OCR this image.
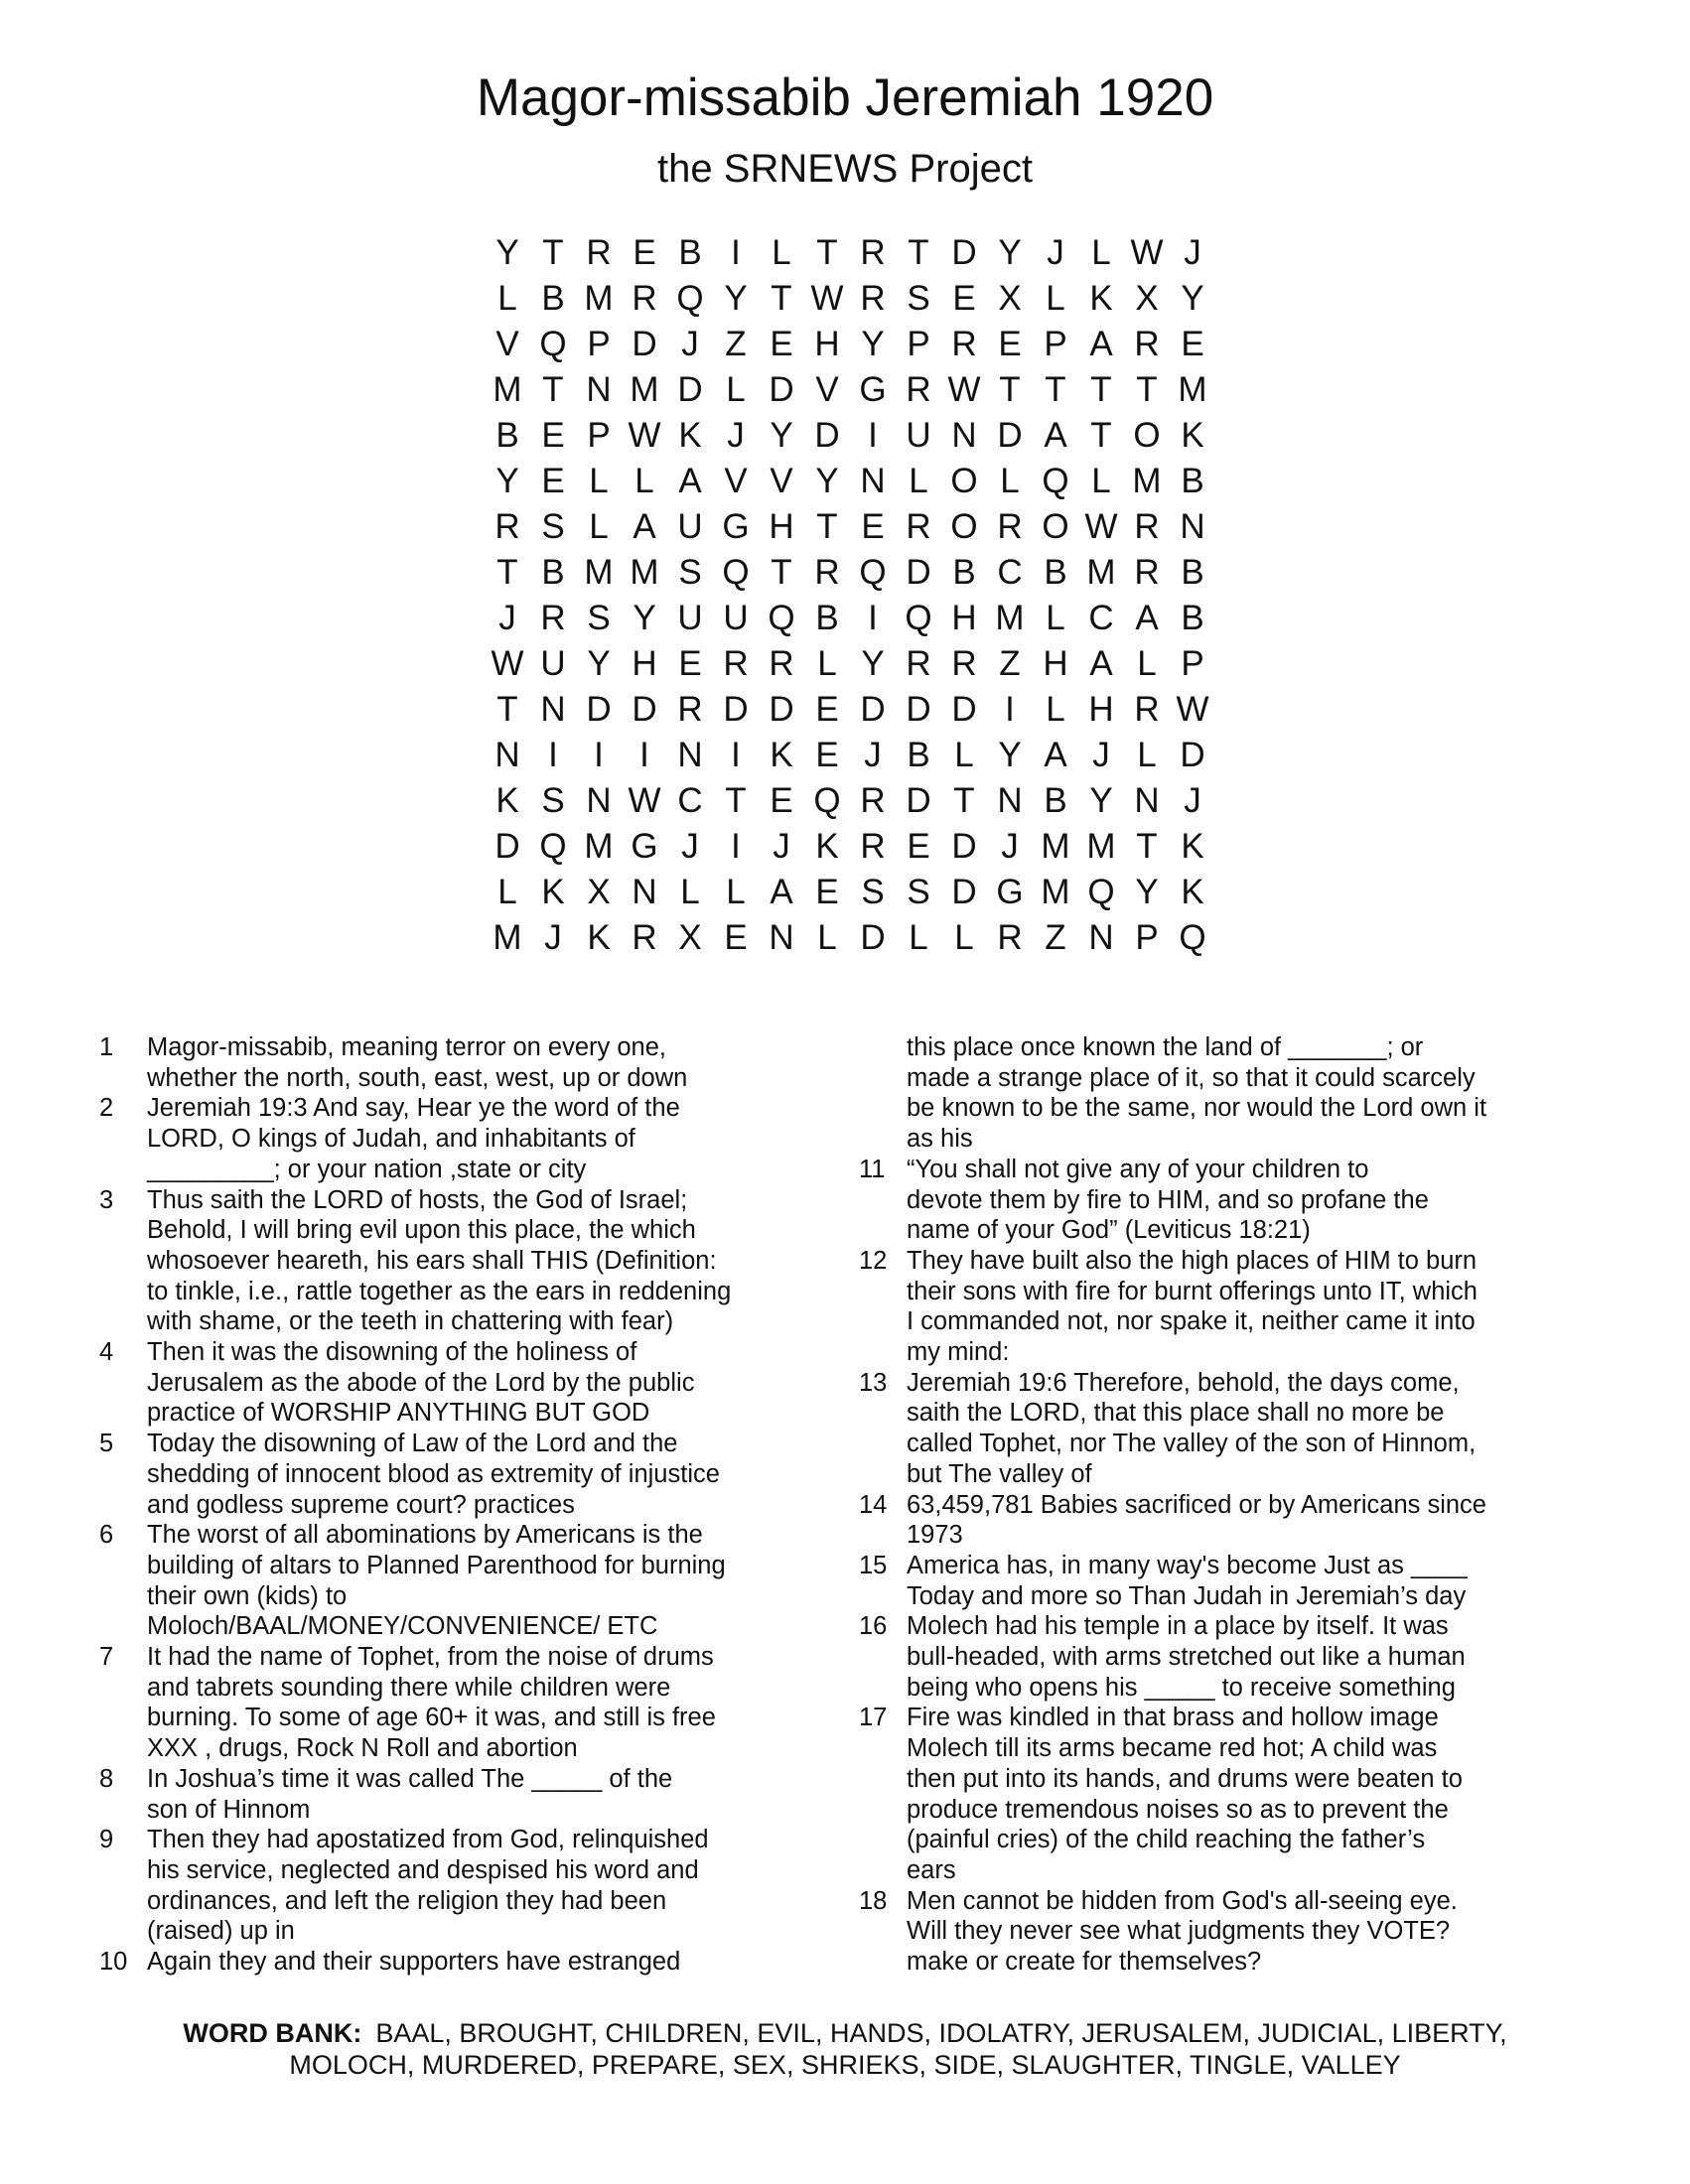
Magor-missabib Jeremiah 1920
the SRNEWS Project
Y T R E B I L T R T D Y J L W J
L B M R Q Y T W R S E X L K X Y
V Q P D J Z E H Y P R E P A R E
M T N M D L D V G R W T T T T M
B E P W K J Y D I U N D A T O K
Y E L L A V V Y N L O L Q L M B
R S L A U G H T E R O R O W R N
T B M M S Q T R Q D B C B M R B
J R S Y U U Q B I Q H M L C A B
W U Y H E R R L Y R R Z H A L P
T N D D R D D E D D D I L H R W
N I	I	I N I K E J B L Y A J L D
K S N W C T E Q R D T N B Y N J
D Q M G J I J K R E D J M M T K
L K X N L L A E S S D G M Q Y K
M J K R X E N L D L L R Z N P Q
1	Magor-missabib, meaning terror on every one,
whether the north, south, east, west, up or down
2	Jeremiah 19:3 And say, Hear ye the word of the
LORD, O kings of Judah, and inhabitants of
_________; or your nation ,state or city
3	Thus saith the LORD of hosts, the God of Israel;
Behold, I will bring evil upon this place, the which
whosoever heareth, his ears shall THIS (Definition:
to tinkle, i.e., rattle together as the ears in reddening
with shame, or the teeth in chattering with fear)
4	Then it was the disowning of the holiness of
Jerusalem as the abode of the Lord by the public
practice of WORSHIP ANYTHING BUT GOD
5	Today the disowning of Law of the Lord and the
shedding of innocent blood as extremity of injustice
and godless supreme court? practices
6	The worst of all abominations by Americans is the
building of altars to Planned Parenthood for burning
their own (kids) to
Moloch/BAAL/MONEY/CONVENIENCE/ ETC
7	It had the name of Tophet, from the noise of drums
and tabrets sounding there while children were
burning. To some of age 60+ it was, and still is free
XXX , drugs, Rock N Roll and abortion
8	In Joshua’s time it was called The _____ of the
son of Hinnom
9	Then they had apostatized from God, relinquished
his service, neglected and despised his word and
ordinances, and left the religion they had been
(raised) up in
10 Again they and their supporters have estranged
this place once known the land of _______; or
made a strange place of it, so that it could scarcely
be known to be the same, nor would the Lord own it
as his
11 “You shall not give any of your children to
devote them by fire to HIM, and so profane the
name of your God” (Leviticus 18:21)
12 They have built also the high places of HIM to burn
their sons with fire for burnt offerings unto IT, which
I commanded not, nor spake it, neither came it into
my mind:
13 Jeremiah 19:6 Therefore, behold, the days come,
saith the LORD, that this place shall no more be
called Tophet, nor The valley of the son of Hinnom,
but The valley of
14 63,459,781 Babies sacrificed or by Americans since
1973
15 America has, in many way's become Just as ____
Today and more so Than Judah in Jeremiah’s day
16 Molech had his temple in a place by itself. It was
bull-headed, with arms stretched out like a human
being who opens his _____ to receive something
17 Fire was kindled in that brass and hollow image
Molech till its arms became red hot; A child was
then put into its hands, and drums were beaten to
produce tremendous noises so as to prevent the
(painful cries) of the child reaching the father’s
ears
18 Men cannot be hidden from God's all-seeing eye.
Will they never see what judgments they VOTE?
make or create for themselves?
WORD BANK: BAAL, BROUGHT, CHILDREN, EVIL, HANDS, IDOLATRY, JERUSALEM, JUDICIAL, LIBERTY,
MOLOCH, MURDERED, PREPARE, SEX, SHRIEKS, SIDE, SLAUGHTER, TINGLE, VALLEY
